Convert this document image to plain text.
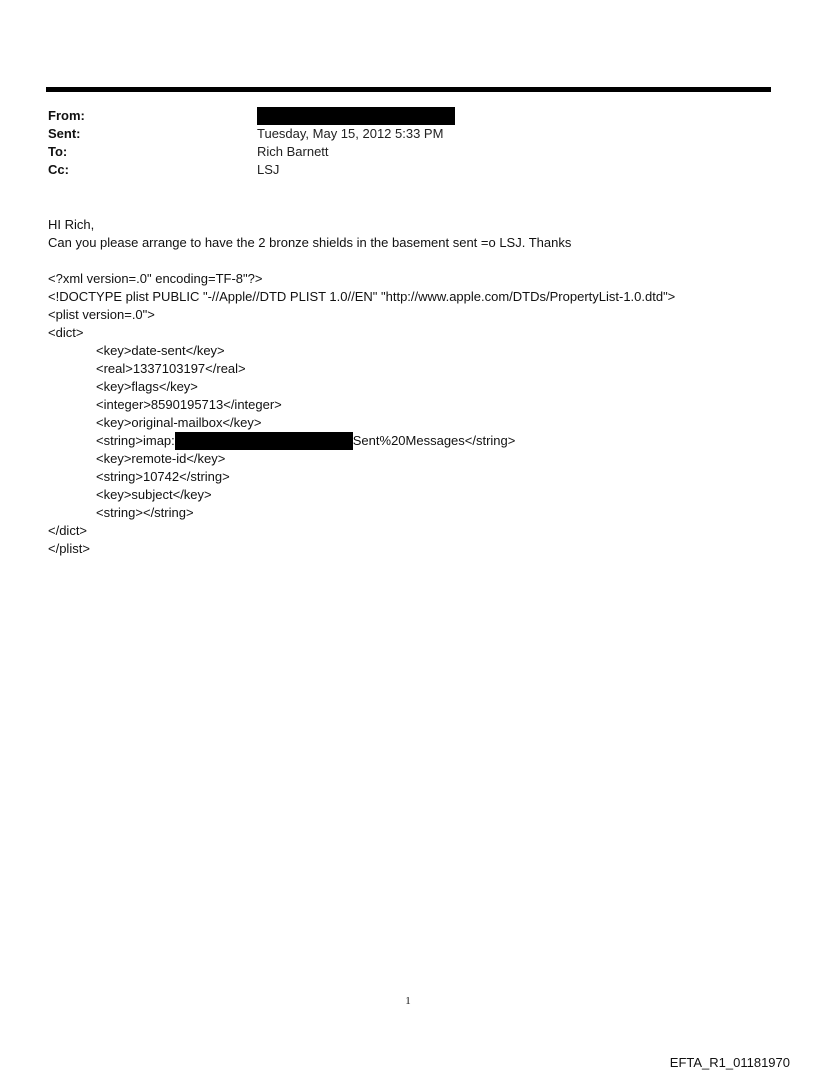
From:
Sent:	Tuesday, May 15, 2012 5:33 PM
To:	Rich Barnett
Cc:	LSJ
HI Rich,
Can you please arrange to have the 2 bronze shields in the basement sent =o LSJ. Thanks
<?xml version=.0" encoding=TF-8"?>
<!DOCTYPE plist PUBLIC "-//Apple//DTD PLIST 1.0//EN" "http://www.apple.com/DTDs/PropertyList-1.0.dtd">
<plist version=.0">
<dict>
<key>date-sent</key>
<real>1337103197</real>
<key>flags</key>
<integer>8590195713</integer>
<key>original-mailbox</key>
<string>imap:	Sent%20Messages</string>
<key>remote-id</key>
<string>10742</string>
<key>subject</key>
<string></string>
</dict>
</plist>
1
EFTA_R1_01181970
